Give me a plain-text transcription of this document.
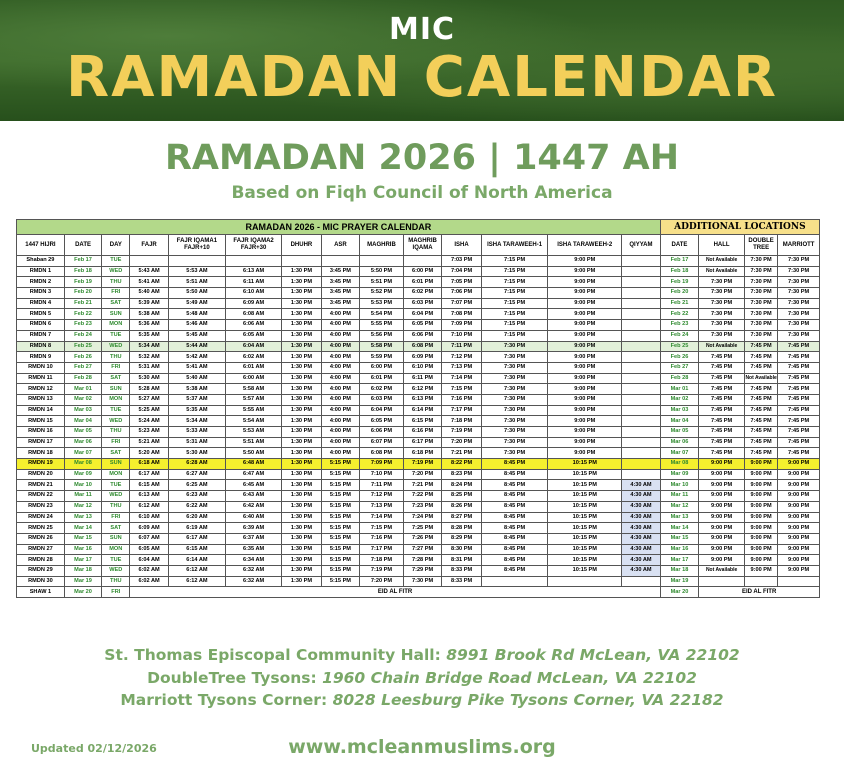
MIC
RAMADAN CALENDAR
RAMADAN 2026 | 1447 AH
Based on Fiqh Council of North America
RAMADAN 2026 - MIC PRAYER CALENDAR														ADDITIONAL LOCATIONS			
1447 HIJRI	DATE	DAY	FAJR	FAJR IQAMA1 FAJR+10	FAJR IQAMA2 FAJR+30	DHUHR	ASR	MAGHRIB	MAGHRIB IQAMA	ISHA	ISHA TARAWEEH-1	ISHA TARAWEEH-2	QIYYAM	DATE	HALL	DOUBLE TREE	MARRIOTT
Shaban 29	Feb 17	TUE								7:03 PM	7:15 PM	9:00 PM		Feb 17	Not Available	7:30 PM	7:30 PM
RMDN 1	Feb 18	WED	5:43 AM	5:53 AM	6:13 AM	1:30 PM	3:45 PM	5:50 PM	6:00 PM	7:04 PM	7:15 PM	9:00 PM		Feb 18	Not Available	7:30 PM	7:30 PM
RMDN 2	Feb 19	THU	5:41 AM	5:51 AM	6:11 AM	1:30 PM	3:45 PM	5:51 PM	6:01 PM	7:05 PM	7:15 PM	9:00 PM		Feb 19	7:30 PM	7:30 PM	7:30 PM
RMDN 3	Feb 20	FRI	5:40 AM	5:50 AM	6:10 AM	1:30 PM	3:45 PM	5:52 PM	6:02 PM	7:06 PM	7:15 PM	9:00 PM		Feb 20	7:30 PM	7:30 PM	7:30 PM
RMDN 4	Feb 21	SAT	5:39 AM	5:49 AM	6:09 AM	1:30 PM	3:45 PM	5:53 PM	6:03 PM	7:07 PM	7:15 PM	9:00 PM		Feb 21	7:30 PM	7:30 PM	7:30 PM
RMDN 5	Feb 22	SUN	5:38 AM	5:48 AM	6:08 AM	1:30 PM	4:00 PM	5:54 PM	6:04 PM	7:08 PM	7:15 PM	9:00 PM		Feb 22	7:30 PM	7:30 PM	7:30 PM
RMDN 6	Feb 23	MON	5:36 AM	5:46 AM	6:06 AM	1:30 PM	4:00 PM	5:55 PM	6:05 PM	7:09 PM	7:15 PM	9:00 PM		Feb 23	7:30 PM	7:30 PM	7:30 PM
RMDN 7	Feb 24	TUE	5:35 AM	5:45 AM	6:05 AM	1:30 PM	4:00 PM	5:56 PM	6:06 PM	7:10 PM	7:15 PM	9:00 PM		Feb 24	7:30 PM	7:30 PM	7:30 PM
RMDN 8	Feb 25	WED	5:34 AM	5:44 AM	6:04 AM	1:30 PM	4:00 PM	5:58 PM	6:08 PM	7:11 PM	7:30 PM	9:00 PM		Feb 25	Not Available	7:45 PM	7:45 PM
RMDN 9	Feb 26	THU	5:32 AM	5:42 AM	6:02 AM	1:30 PM	4:00 PM	5:59 PM	6:09 PM	7:12 PM	7:30 PM	9:00 PM		Feb 26	7:45 PM	7:45 PM	7:45 PM
RMDN 10	Feb 27	FRI	5:31 AM	5:41 AM	6:01 AM	1:30 PM	4:00 PM	6:00 PM	6:10 PM	7:13 PM	7:30 PM	9:00 PM		Feb 27	7:45 PM	7:45 PM	7:45 PM
RMDN 11	Feb 28	SAT	5:30 AM	5:40 AM	6:00 AM	1:30 PM	4:00 PM	6:01 PM	6:11 PM	7:14 PM	7:30 PM	9:00 PM		Feb 28	7:45 PM	Not Available	7:45 PM
RMDN 12	Mar 01	SUN	5:28 AM	5:38 AM	5:58 AM	1:30 PM	4:00 PM	6:02 PM	6:12 PM	7:15 PM	7:30 PM	9:00 PM		Mar 01	7:45 PM	7:45 PM	7:45 PM
RMDN 13	Mar 02	MON	5:27 AM	5:37 AM	5:57 AM	1:30 PM	4:00 PM	6:03 PM	6:13 PM	7:16 PM	7:30 PM	9:00 PM		Mar 02	7:45 PM	7:45 PM	7:45 PM
RMDN 14	Mar 03	TUE	5:25 AM	5:35 AM	5:55 AM	1:30 PM	4:00 PM	6:04 PM	6:14 PM	7:17 PM	7:30 PM	9:00 PM		Mar 03	7:45 PM	7:45 PM	7:45 PM
RMDN 15	Mar 04	WED	5:24 AM	5:34 AM	5:54 AM	1:30 PM	4:00 PM	6:05 PM	6:15 PM	7:18 PM	7:30 PM	9:00 PM		Mar 04	7:45 PM	7:45 PM	7:45 PM
RMDN 16	Mar 05	THU	5:23 AM	5:33 AM	5:53 AM	1:30 PM	4:00 PM	6:06 PM	6:16 PM	7:19 PM	7:30 PM	9:00 PM		Mar 05	7:45 PM	7:45 PM	7:45 PM
RMDN 17	Mar 06	FRI	5:21 AM	5:31 AM	5:51 AM	1:30 PM	4:00 PM	6:07 PM	6:17 PM	7:20 PM	7:30 PM	9:00 PM		Mar 06	7:45 PM	7:45 PM	7:45 PM
RMDN 18	Mar 07	SAT	5:20 AM	5:30 AM	5:50 AM	1:30 PM	4:00 PM	6:08 PM	6:18 PM	7:21 PM	7:30 PM	9:00 PM		Mar 07	7:45 PM	7:45 PM	7:45 PM
RMDN 19	Mar 08	SUN	6:18 AM	6:28 AM	6:48 AM	1:30 PM	5:15 PM	7:09 PM	7:19 PM	8:22 PM	8:45 PM	10:15 PM		Mar 08	9:00 PM	9:00 PM	9:00 PM
RMDN 20	Mar 09	MON	6:17 AM	6:27 AM	6:47 AM	1:30 PM	5:15 PM	7:10 PM	7:20 PM	8:23 PM	8:45 PM	10:15 PM		Mar 09	9:00 PM	9:00 PM	9:00 PM
RMDN 21	Mar 10	TUE	6:15 AM	6:25 AM	6:45 AM	1:30 PM	5:15 PM	7:11 PM	7:21 PM	8:24 PM	8:45 PM	10:15 PM	4:30 AM	Mar 10	9:00 PM	9:00 PM	9:00 PM
RMDN 22	Mar 11	WED	6:13 AM	6:23 AM	6:43 AM	1:30 PM	5:15 PM	7:12 PM	7:22 PM	8:25 PM	8:45 PM	10:15 PM	4:30 AM	Mar 11	9:00 PM	9:00 PM	9:00 PM
RMDN 23	Mar 12	THU	6:12 AM	6:22 AM	6:42 AM	1:30 PM	5:15 PM	7:13 PM	7:23 PM	8:26 PM	8:45 PM	10:15 PM	4:30 AM	Mar 12	9:00 PM	9:00 PM	9:00 PM
RMDN 24	Mar 13	FRI	6:10 AM	6:20 AM	6:40 AM	1:30 PM	5:15 PM	7:14 PM	7:24 PM	8:27 PM	8:45 PM	10:15 PM	4:30 AM	Mar 13	9:00 PM	9:00 PM	9:00 PM
RMDN 25	Mar 14	SAT	6:09 AM	6:19 AM	6:39 AM	1:30 PM	5:15 PM	7:15 PM	7:25 PM	8:28 PM	8:45 PM	10:15 PM	4:30 AM	Mar 14	9:00 PM	9:00 PM	9:00 PM
RMDN 26	Mar 15	SUN	6:07 AM	6:17 AM	6:37 AM	1:30 PM	5:15 PM	7:16 PM	7:26 PM	8:29 PM	8:45 PM	10:15 PM	4:30 AM	Mar 15	9:00 PM	9:00 PM	9:00 PM
RMDN 27	Mar 16	MON	6:05 AM	6:15 AM	6:35 AM	1:30 PM	5:15 PM	7:17 PM	7:27 PM	8:30 PM	8:45 PM	10:15 PM	4:30 AM	Mar 16	9:00 PM	9:00 PM	9:00 PM
RMDN 28	Mar 17	TUE	6:04 AM	6:14 AM	6:34 AM	1:30 PM	5:15 PM	7:18 PM	7:28 PM	8:31 PM	8:45 PM	10:15 PM	4:30 AM	Mar 17	9:00 PM	9:00 PM	9:00 PM
RMDN 29	Mar 18	WED	6:02 AM	6:12 AM	6:32 AM	1:30 PM	5:15 PM	7:19 PM	7:29 PM	8:33 PM	8:45 PM	10:15 PM	4:30 AM	Mar 18	Not Available	9:00 PM	9:00 PM
RMDN 30	Mar 19	THU	6:02 AM	6:12 AM	6:32 AM	1:30 PM	5:15 PM	7:20 PM	7:30 PM	8:33 PM				Mar 19			
SHAW 1	Mar 20	FRI	EID AL FITR											Mar 20	EID AL FITR		
St. Thomas Episcopal Community Hall: 8991 Brook Rd McLean, VA 22102
DoubleTree Tysons: 1960 Chain Bridge Road McLean, VA 22102
Marriott Tysons Corner: 8028 Leesburg Pike Tysons Corner, VA 22182
Updated 02/12/2026	www.mcleanmuslims.org
